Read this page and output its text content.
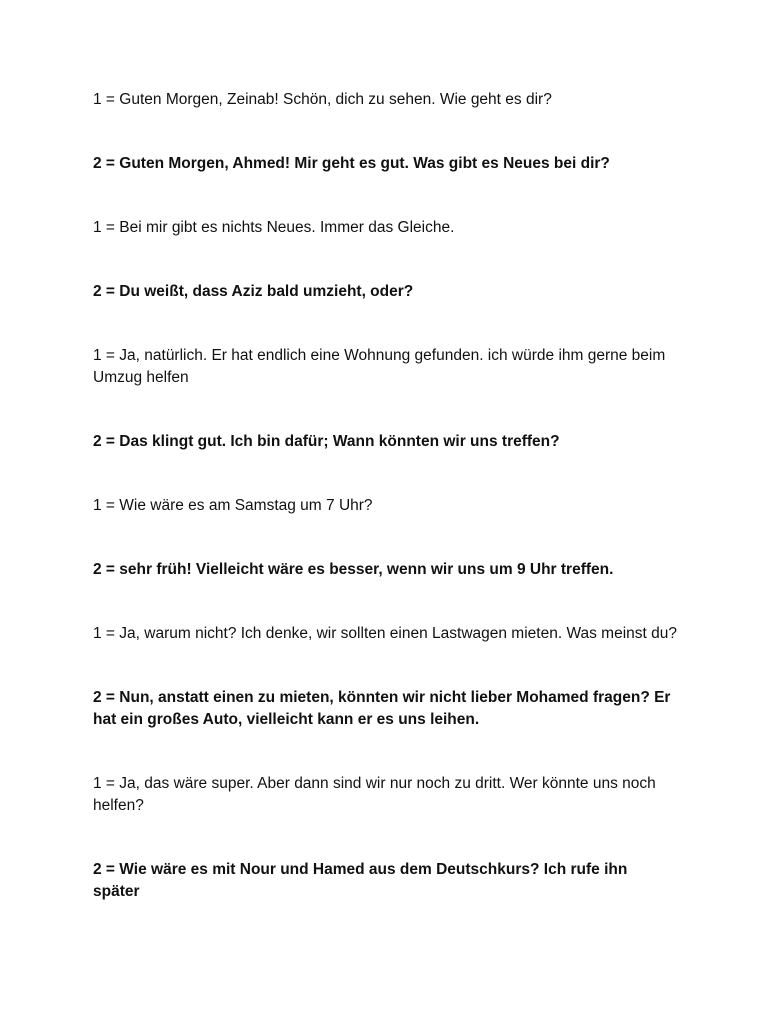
1 = Guten Morgen, Zeinab! Schön, dich zu sehen. Wie geht es dir?

2 = Guten Morgen, Ahmed! Mir geht es gut. Was gibt es Neues bei dir?

1 = Bei mir gibt es nichts Neues. Immer das Gleiche.

2 = Du weißt, dass Aziz bald umzieht, oder?

1 = Ja, natürlich. Er hat endlich eine Wohnung gefunden. ich würde ihm gerne beim Umzug helfen

2 = Das klingt gut. Ich bin dafür; Wann könnten wir uns treffen?

1 = Wie wäre es am Samstag um 7 Uhr?

2 = sehr früh! Vielleicht wäre es besser, wenn wir uns um 9 Uhr treffen.

1 = Ja, warum nicht? Ich denke, wir sollten einen Lastwagen mieten. Was meinst du?

2 = Nun, anstatt einen zu mieten, könnten wir nicht lieber Mohamed fragen? Er hat ein großes Auto, vielleicht kann er es uns leihen.

1 = Ja, das wäre super. Aber dann sind wir nur noch zu dritt. Wer könnte uns noch helfen?

2 = Wie wäre es mit Nour und Hamed aus dem Deutschkurs? Ich rufe ihn später
